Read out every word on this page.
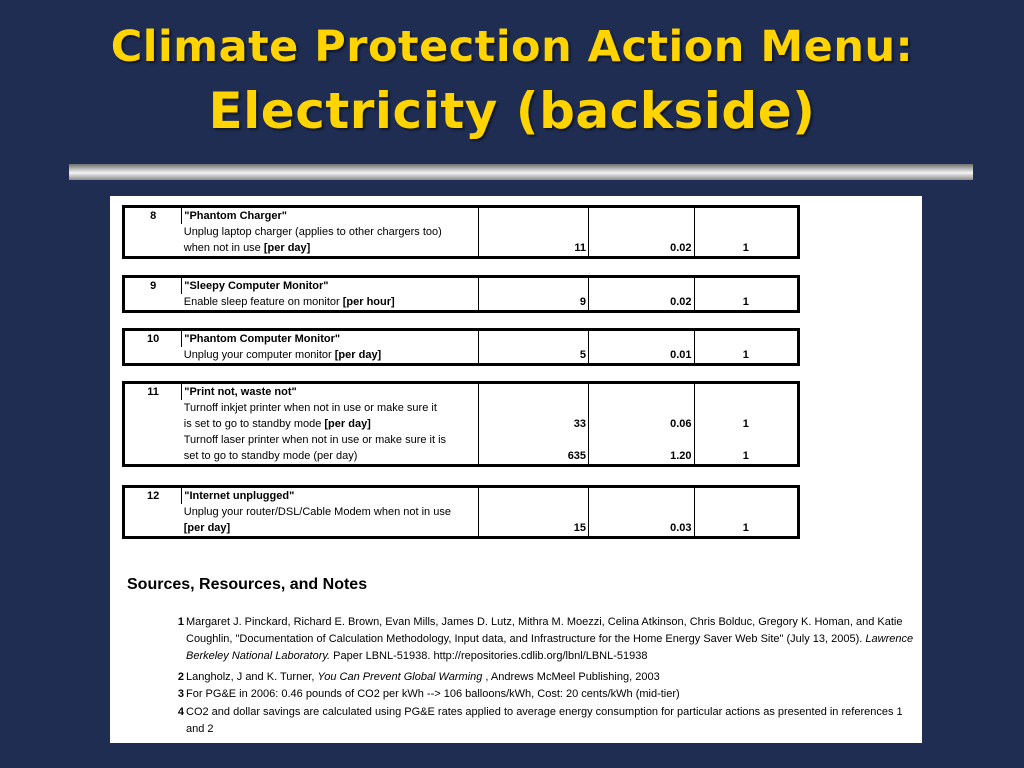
Climate Protection Action Menu:
Electricity (backside)
8	"Phantom Charger"			
	Unplug laptop charger (applies to other chargers too)			
	when not in use [per day]	11	0.02	1
9	"Sleepy Computer Monitor"			
	Enable sleep feature on monitor [per hour]	9	0.02	1
10	"Phantom Computer Monitor"			
	Unplug your computer monitor [per day]	5	0.01	1
11	"Print not, waste not"			
	Turnoff inkjet printer when not in use or make sure it			
	is set to go to standby mode [per day]	33	0.06	1
	Turnoff laser printer when not in use or make sure it is			
	set to go to standby mode (per day)	635	1.20	1
12	"Internet unplugged"			
	Unplug your router/DSL/Cable Modem when not in use			
	[per day]	15	0.03	1
Sources, Resources, and Notes
1 Margaret J. Pinckard, Richard E. Brown, Evan Mills, James D. Lutz, Mithra M. Moezzi, Celina Atkinson, Chris Bolduc, Gregory K. Homan, and Katie Coughlin, "Documentation of Calculation Methodology, Input data, and Infrastructure for the Home Energy Saver Web Site" (July 13, 2005). Lawrence Berkeley National Laboratory. Paper LBNL-51938. http://repositories.cdlib.org/lbnl/LBNL-51938
2 Langholz, J and K. Turner, You Can Prevent Global Warming , Andrews McMeel Publishing, 2003
3 For PG&E in 2006: 0.46 pounds of CO2 per kWh --> 106 balloons/kWh, Cost: 20 cents/kWh (mid-tier)
4 CO2 and dollar savings are calculated using PG&E rates applied to average energy consumption for particular actions as presented in references 1 and 2
